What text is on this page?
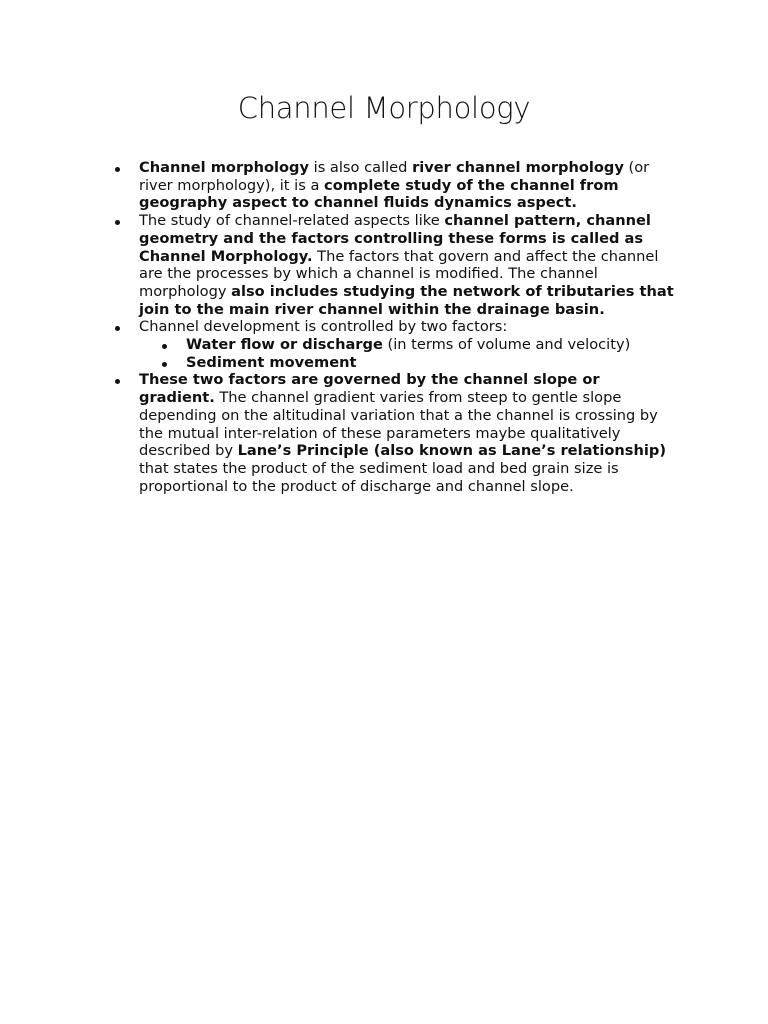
Channel Morphology
Channel morphology is also called river channel morphology (or river morphology), it is a complete study of the channel from geography aspect to channel fluids dynamics aspect.
The study of channel-related aspects like channel pattern, channel geometry and the factors controlling these forms is called as Channel Morphology. The factors that govern and affect the channel are the processes by which a channel is modified. The channel morphology also includes studying the network of tributaries that join to the main river channel within the drainage basin.
Channel development is controlled by two factors:
Water flow or discharge (in terms of volume and velocity)
Sediment movement
These two factors are governed by the channel slope or gradient. The channel gradient varies from steep to gentle slope depending on the altitudinal variation that a the channel is crossing by the mutual inter-relation of these parameters maybe qualitatively described by Lane’s Principle (also known as Lane’s relationship) that states the product of the sediment load and bed grain size is proportional to the product of discharge and channel slope.
